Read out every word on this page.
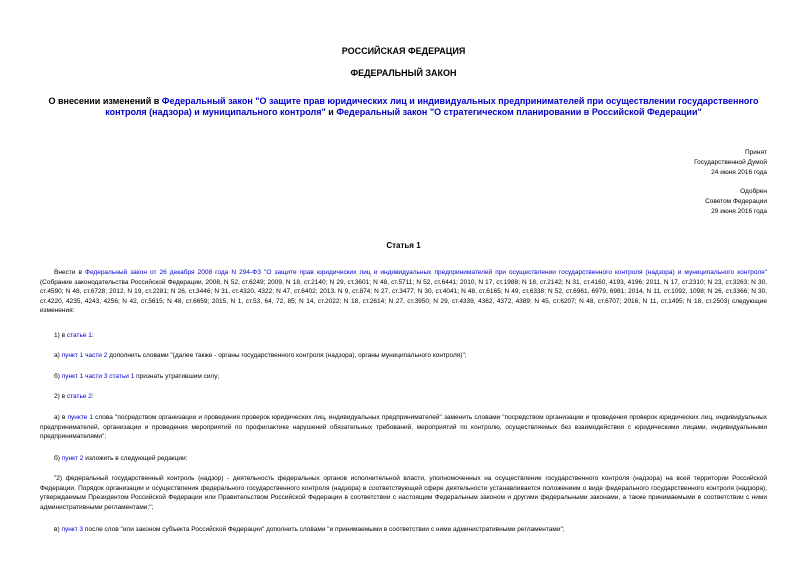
РОССИЙСКАЯ ФЕДЕРАЦИЯ
ФЕДЕРАЛЬНЫЙ ЗАКОН
О внесении изменений в Федеральный закон "О защите прав юридических лиц и индивидуальных предпринимателей при осуществлении государственного контроля (надзора) и муниципального контроля" и Федеральный закон "О стратегическом планировании в Российской Федерации"
Принят
Государственной Думой
24 июня 2016 года
Одобрен
Советом Федерации
29 июня 2016 года
Статья 1
Внести в Федеральный закон от 26 декабря 2008 года N 294-ФЗ "О защите прав юридических лиц и индивидуальных предпринимателей при осуществлении государственного контроля (надзора) и муниципального контроля" (Собрание законодательства Российской Федерации, 2008, N 52, ст.6249; 2009, N 18, ст.2140; N 29, ст.3601; N 48, ст.5711; N 52, ст.6441; 2010, N 17, ст.1988; N 18, ст.2142; N 31, ст.4160, 4193, 4196; 2011, N 17, ст.2310; N 23, ст.3263; N 30, ст.4590; N 48, ст.6728; 2012, N 19, ст.2281; N 26, ст.3446; N 31, ст.4320, 4322; N 47, ст.6402; 2013, N 9, ст.874; N 27, ст.3477; N 30, ст.4041; N 48, ст.6165; N 49, ст.6338; N 52, ст.6961, 6979, 6981; 2014, N 11, ст.1092, 1098; N 26, ст.3366; N 30, ст.4220, 4235, 4243, 4256; N 42, ст.5615; N 48, ст.6659; 2015, N 1, ст.53, 64, 72, 85; N 14, ст.2022; N 18, ст.2614; N 27, ст.3950; N 29, ст.4339, 4362, 4372, 4389; N 45, ст.6207; N 48, ст.6707; 2016, N 11, ст.1495; N 18, ст.2503) следующие изменения:
1) в статье 1:
а) пункт 1 части 2 дополнить словами "(далее также - органы государственного контроля (надзора), органы муниципального контроля)";
б) пункт 1 части 3 статьи 1 признать утратившим силу;
2) в статье 2:
а) в пункте 1 слова "посредством организации и проведения проверок юридических лиц, индивидуальных предпринимателей" заменить словами "посредством организации и проведения проверок юридических лиц, индивидуальных предпринимателей, организации и проведения мероприятий по профилактике нарушений обязательных требований, мероприятий по контролю, осуществляемых без взаимодействия с юридическими лицами, индивидуальными предпринимателями";
б) пункт 2 изложить в следующей редакции:
"2) федеральный государственный контроль (надзор) - деятельность федеральных органов исполнительной власти, уполномоченных на осуществление государственного контроля (надзора) на всей территории Российской Федерации. Порядок организации и осуществления федерального государственного контроля (надзора) в соответствующей сфере деятельности устанавливается положением о виде федерального государственного контроля (надзора), утверждаемым Президентом Российской Федерации или Правительством Российской Федерации в соответствии с настоящим Федеральным законом и другими федеральными законами, а также принимаемыми в соответствии с ними административными регламентами;";
в) пункт 3 после слов "или законом субъекта Российской Федерации" дополнить словами "и принимаемыми в соответствии с ними административными регламентами";
